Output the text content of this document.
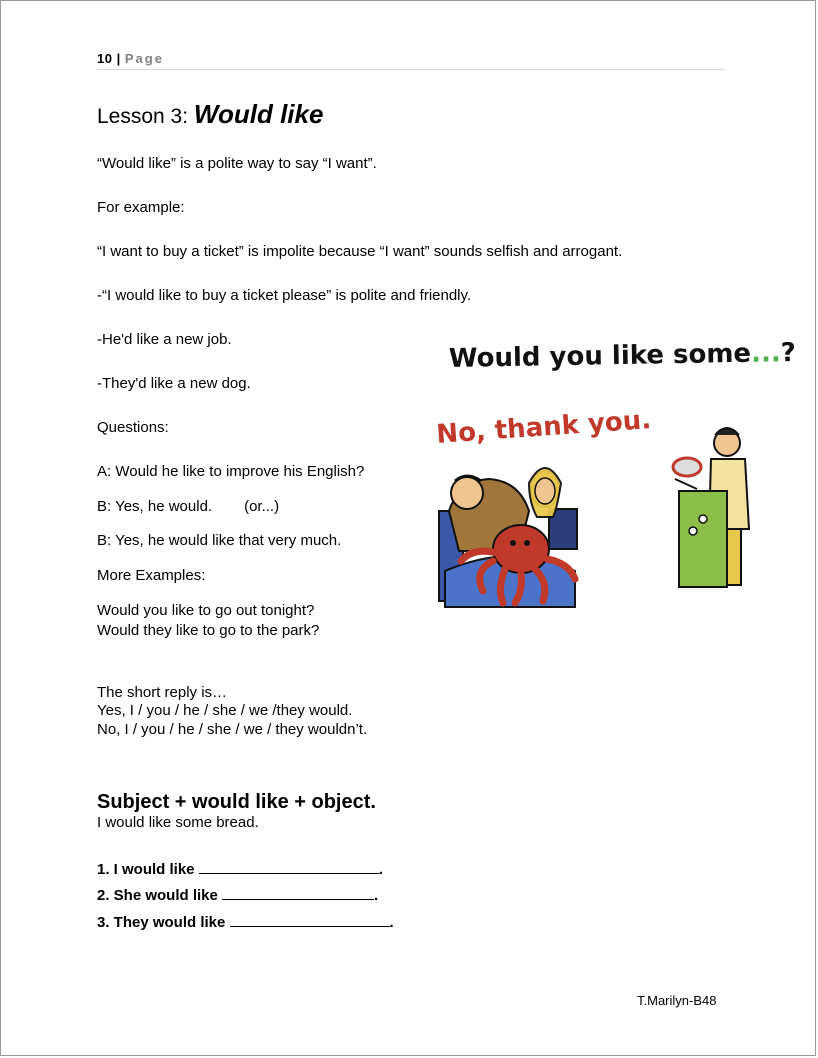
10 | Page
Lesson 3: Would like
“Would like” is a polite way to say “I want”.
For example:
“I want to buy a ticket” is impolite because “I want” sounds selfish and arrogant.
-“I would like to buy a ticket please” is polite and friendly.
-He'd like a new job.
-They'd like a new dog.
Questions:
A: Would he like to improve his English?
B: Yes, he would. (or...)
B: Yes, he would like that very much.
More Examples:
Would you like to go out tonight?
Would they like to go to the park?
The short reply is…
Yes, I / you / he / she / we /they would.
No, I / you / he / she / we / they wouldn’t.
Subject + would like + object.
I would like some bread.
1. I would like	.
2. She would like	.
3. They would like	.
Would you like some...?
No, thank you.
T.Marilyn-B48
